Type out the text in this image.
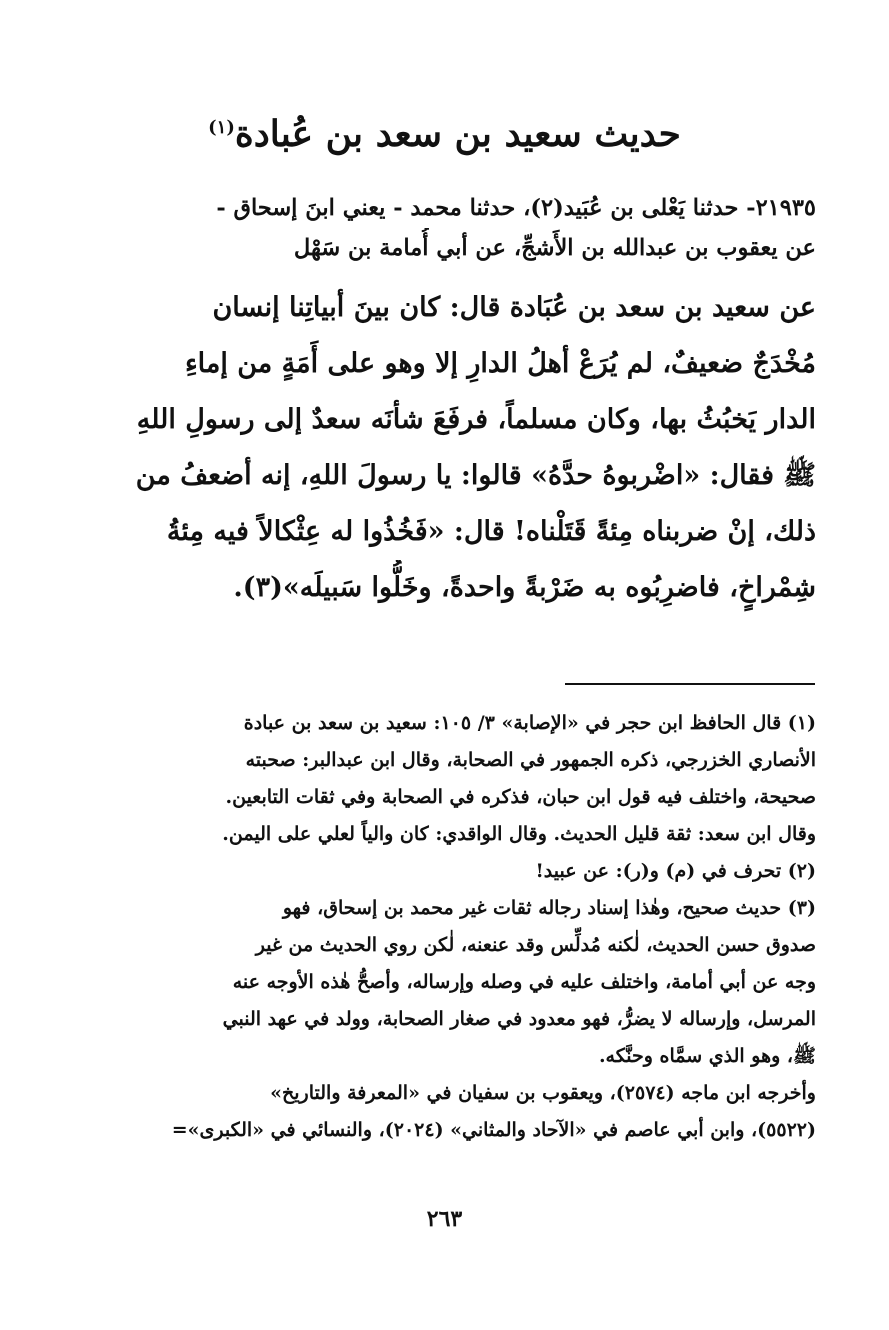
حديث سعيد بن سعد بن عُبادة$^{(١)}$
٢١٩٣٥- حدثنا يَعْلى بن عُبَيد(٢)، حدثنا محمد - يعني ابنَ إسحاق -
عن يعقوب بن عبدالله بن الأَشجِّ، عن أبي أُمامة بن سَهْل
عن سعيد بن سعد بن عُبَادة قال: كان بينَ أبياتِنا إنسان
مُخْدَجٌ ضعيفٌ، لم يُرَعْ أهلُ الدارِ إلا وهو على أَمَةٍ من إماءِ
الدار يَخبُثُ بها، وكان مسلماً، فرفَعَ شأنَه سعدٌ إلى رسولِ اللهِ
ﷺ فقال: «اضْربوهُ حدَّهُ» قالوا: يا رسولَ اللهِ، إنه أضعفُ من
ذلك، إنْ ضربناه مِئةً قَتَلْناه! قال: «فَخُذُوا له عِثْكالاً فيه مِئةُ
شِمْراخٍ، فاضرِبُوه به ضَرْبةً واحدةً، وخَلُّوا سَبيلَه»(٣).
(١) قال الحافظ ابن حجر في «الإصابة» ٣/ ١٠٥: سعيد بن سعد بن عبادة
الأنصاري الخزرجي، ذكره الجمهور في الصحابة، وقال ابن عبدالبر: صحبته
صحيحة، واختلف فيه قول ابن حبان، فذكره في الصحابة وفي ثقات التابعين.
وقال ابن سعد: ثقة قليل الحديث. وقال الواقدي: كان والياً لعلي على اليمن.
(٢) تحرف في (م) و(ر): عن عبيد!
(٣) حديث صحيح، وهٰذا إسناد رجاله ثقات غير محمد بن إسحاق، فهو
صدوق حسن الحديث، لٰكنه مُدلِّس وقد عنعنه، لٰكن روي الحديث من غير
وجه عن أبي أمامة، واختلف عليه في وصله وإرساله، وأصحُّ هٰذه الأوجه عنه
المرسل، وإرساله لا يضرُّ، فهو معدود في صغار الصحابة، وولد في عهد النبي
ﷺ، وهو الذي سمَّاه وحنَّكه.
وأخرجه ابن ماجه (٢٥٧٤)، ويعقوب بن سفيان في «المعرفة والتاريخ»
(٥٥٢٢)، وابن أبي عاصم في «الآحاد والمثاني» (٢٠٢٤)، والنسائي في «الكبرى»=
٢٦٣
